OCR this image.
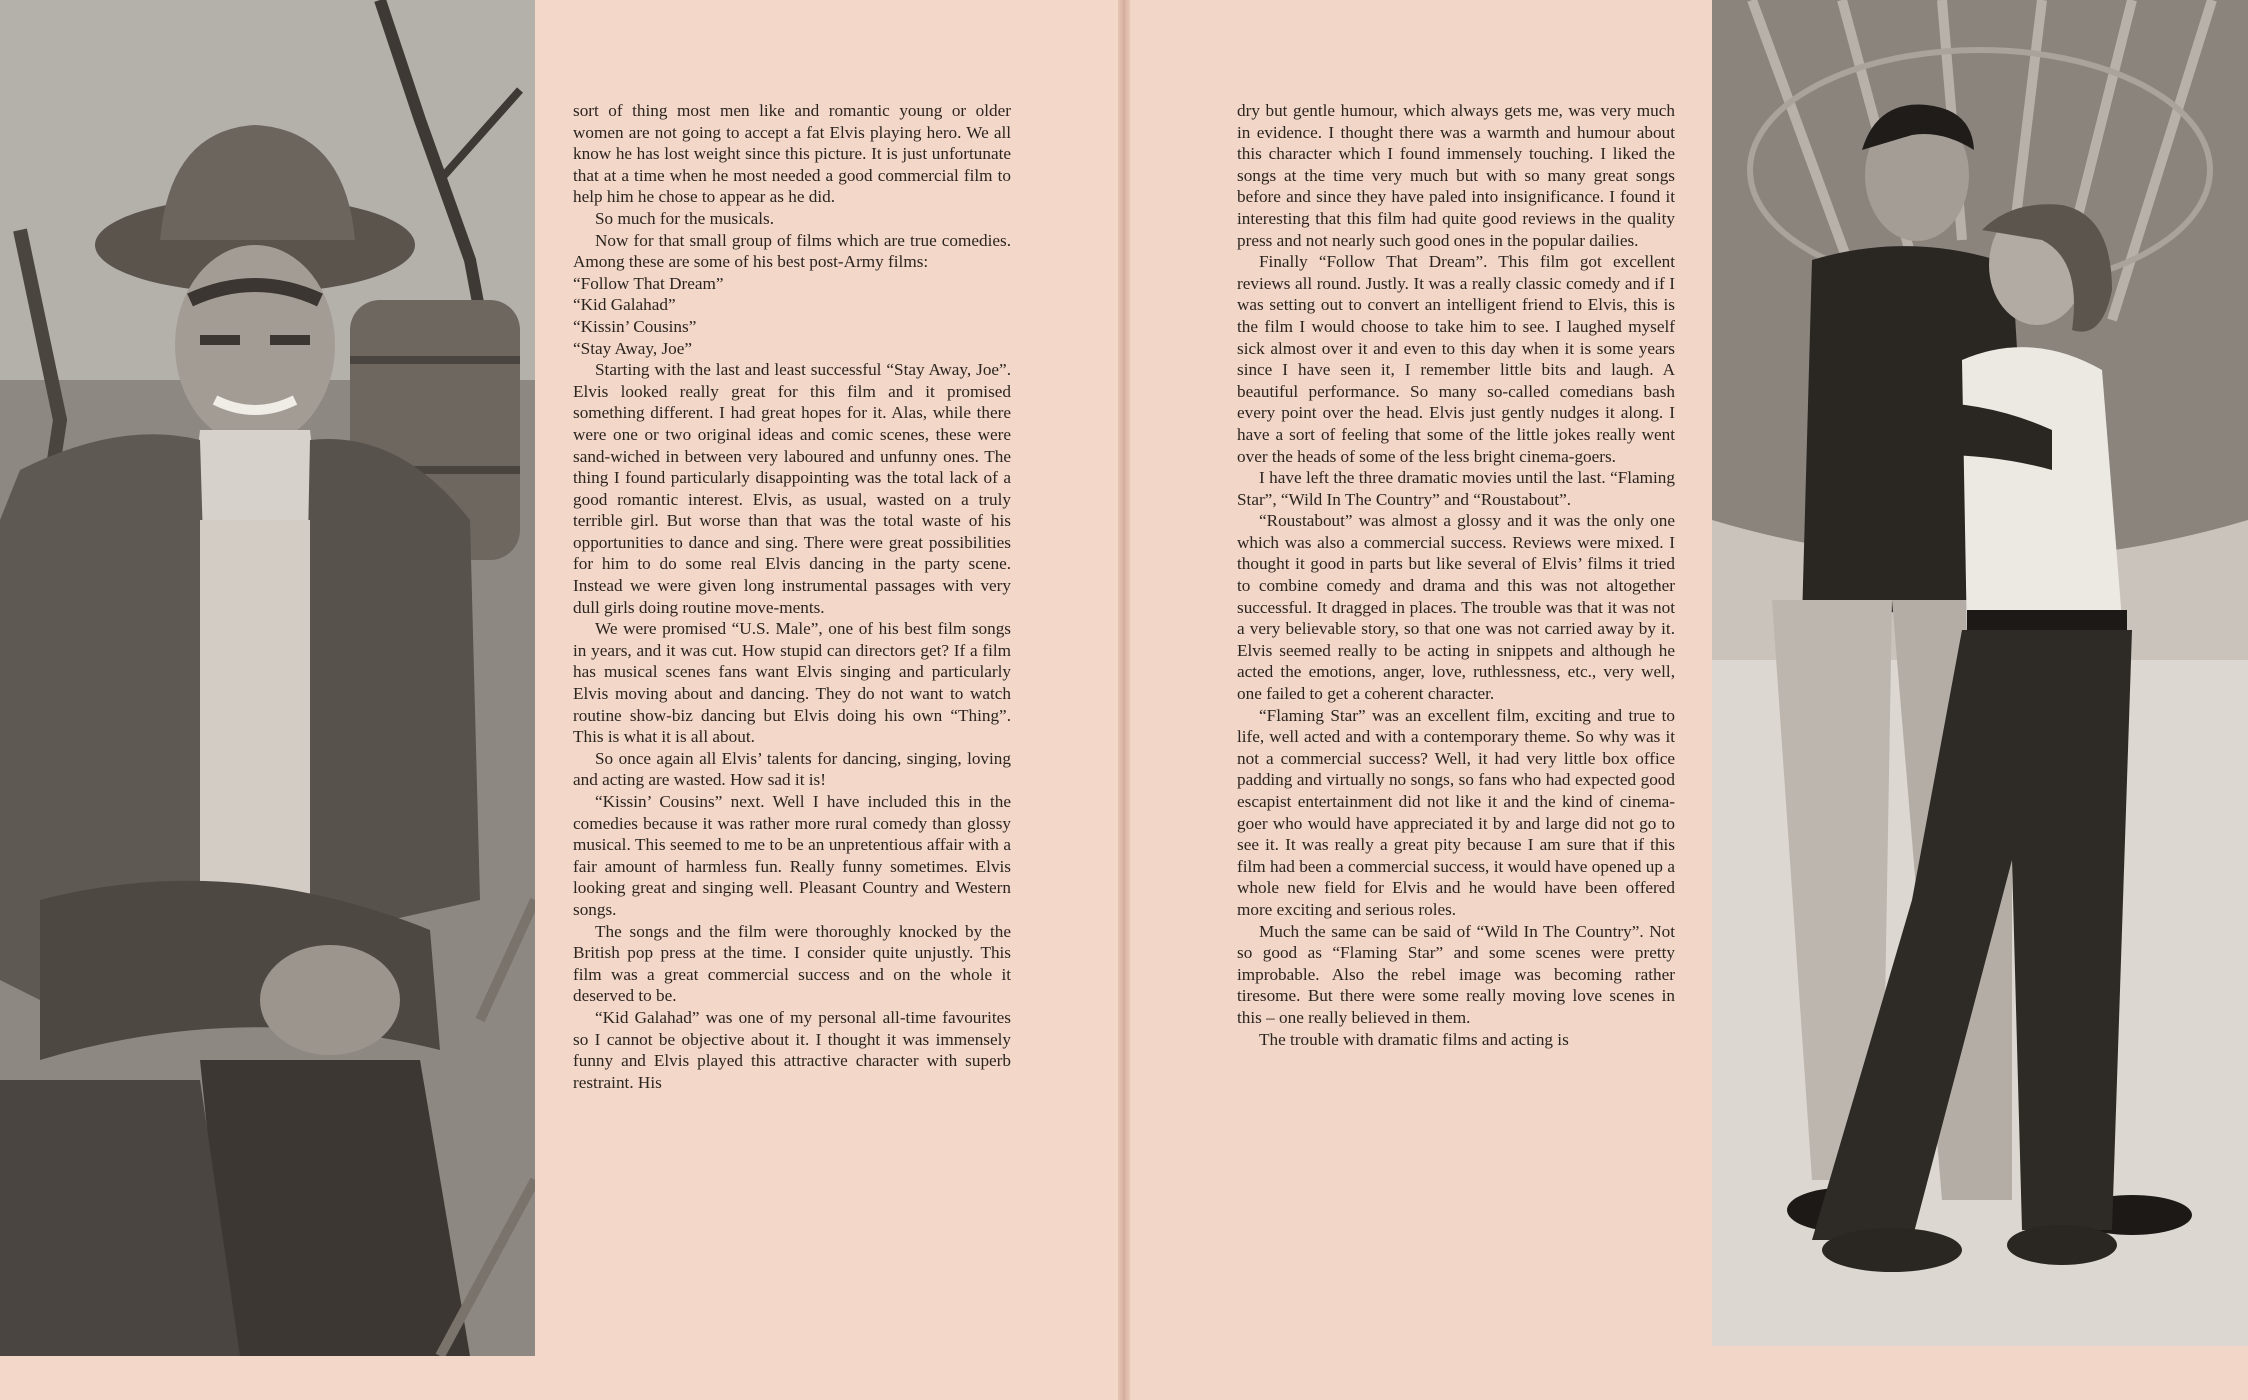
sort of thing most men like and romantic young or older women are not going to accept a fat Elvis playing hero. We all know he has lost weight since this picture. It is just unfortunate that at a time when he most needed a good commercial film to help him he chose to appear as he did.

So much for the musicals.

Now for that small group of films which are true comedies. Among these are some of his best post-Army films:

“Follow That Dream”

“Kid Galahad”

“Kissin’ Cousins”

“Stay Away, Joe”

Starting with the last and least successful “Stay Away, Joe”. Elvis looked really great for this film and it promised something different. I had great hopes for it. Alas, while there were one or two original ideas and comic scenes, these were sand-wiched in between very laboured and unfunny ones. The thing I found particularly disappointing was the total lack of a good romantic interest. Elvis, as usual, wasted on a truly terrible girl. But worse than that was the total waste of his opportunities to dance and sing. There were great possibilities for him to do some real Elvis dancing in the party scene. Instead we were given long instrumental passages with very dull girls doing routine move-ments.

We were promised “U.S. Male”, one of his best film songs in years, and it was cut. How stupid can directors get? If a film has musical scenes fans want Elvis singing and particularly Elvis moving about and dancing. They do not want to watch routine show-biz dancing but Elvis doing his own “Thing”. This is what it is all about.

So once again all Elvis’ talents for dancing, singing, loving and acting are wasted. How sad it is!

“Kissin’ Cousins” next. Well I have included this in the comedies because it was rather more rural comedy than glossy musical. This seemed to me to be an unpretentious affair with a fair amount of harmless fun. Really funny sometimes. Elvis looking great and singing well. Pleasant Country and Western songs.

The songs and the film were thoroughly knocked by the British pop press at the time. I consider quite unjustly. This film was a great commercial success and on the whole it deserved to be.

“Kid Galahad” was one of my personal all-time favourites so I cannot be objective about it. I thought it was immensely funny and Elvis played this attractive character with superb restraint. His

dry but gentle humour, which always gets me, was very much in evidence. I thought there was a warmth and humour about this character which I found immensely touching. I liked the songs at the time very much but with so many great songs before and since they have paled into insignificance. I found it interesting that this film had quite good reviews in the quality press and not nearly such good ones in the popular dailies.

Finally “Follow That Dream”. This film got excellent reviews all round. Justly. It was a really classic comedy and if I was setting out to convert an intelligent friend to Elvis, this is the film I would choose to take him to see. I laughed myself sick almost over it and even to this day when it is some years since I have seen it, I remember little bits and laugh. A beautiful performance. So many so-called comedians bash every point over the head. Elvis just gently nudges it along. I have a sort of feeling that some of the little jokes really went over the heads of some of the less bright cinema-goers.

I have left the three dramatic movies until the last. “Flaming Star”, “Wild In The Country” and “Roustabout”.

“Roustabout” was almost a glossy and it was the only one which was also a commercial success. Reviews were mixed. I thought it good in parts but like several of Elvis’ films it tried to combine comedy and drama and this was not altogether successful. It dragged in places. The trouble was that it was not a very believable story, so that one was not carried away by it. Elvis seemed really to be acting in snippets and although he acted the emotions, anger, love, ruthlessness, etc., very well, one failed to get a coherent character.

“Flaming Star” was an excellent film, exciting and true to life, well acted and with a contemporary theme. So why was it not a commercial success? Well, it had very little box office padding and virtually no songs, so fans who had expected good escapist entertainment did not like it and the kind of cinema-goer who would have appreciated it by and large did not go to see it. It was really a great pity because I am sure that if this film had been a commercial success, it would have opened up a whole new field for Elvis and he would have been offered more exciting and serious roles.

Much the same can be said of “Wild In The Country”. Not so good as “Flaming Star” and some scenes were pretty improbable. Also the rebel image was becoming rather tiresome. But there were some really moving love scenes in this – one really believed in them.

The trouble with dramatic films and acting is
